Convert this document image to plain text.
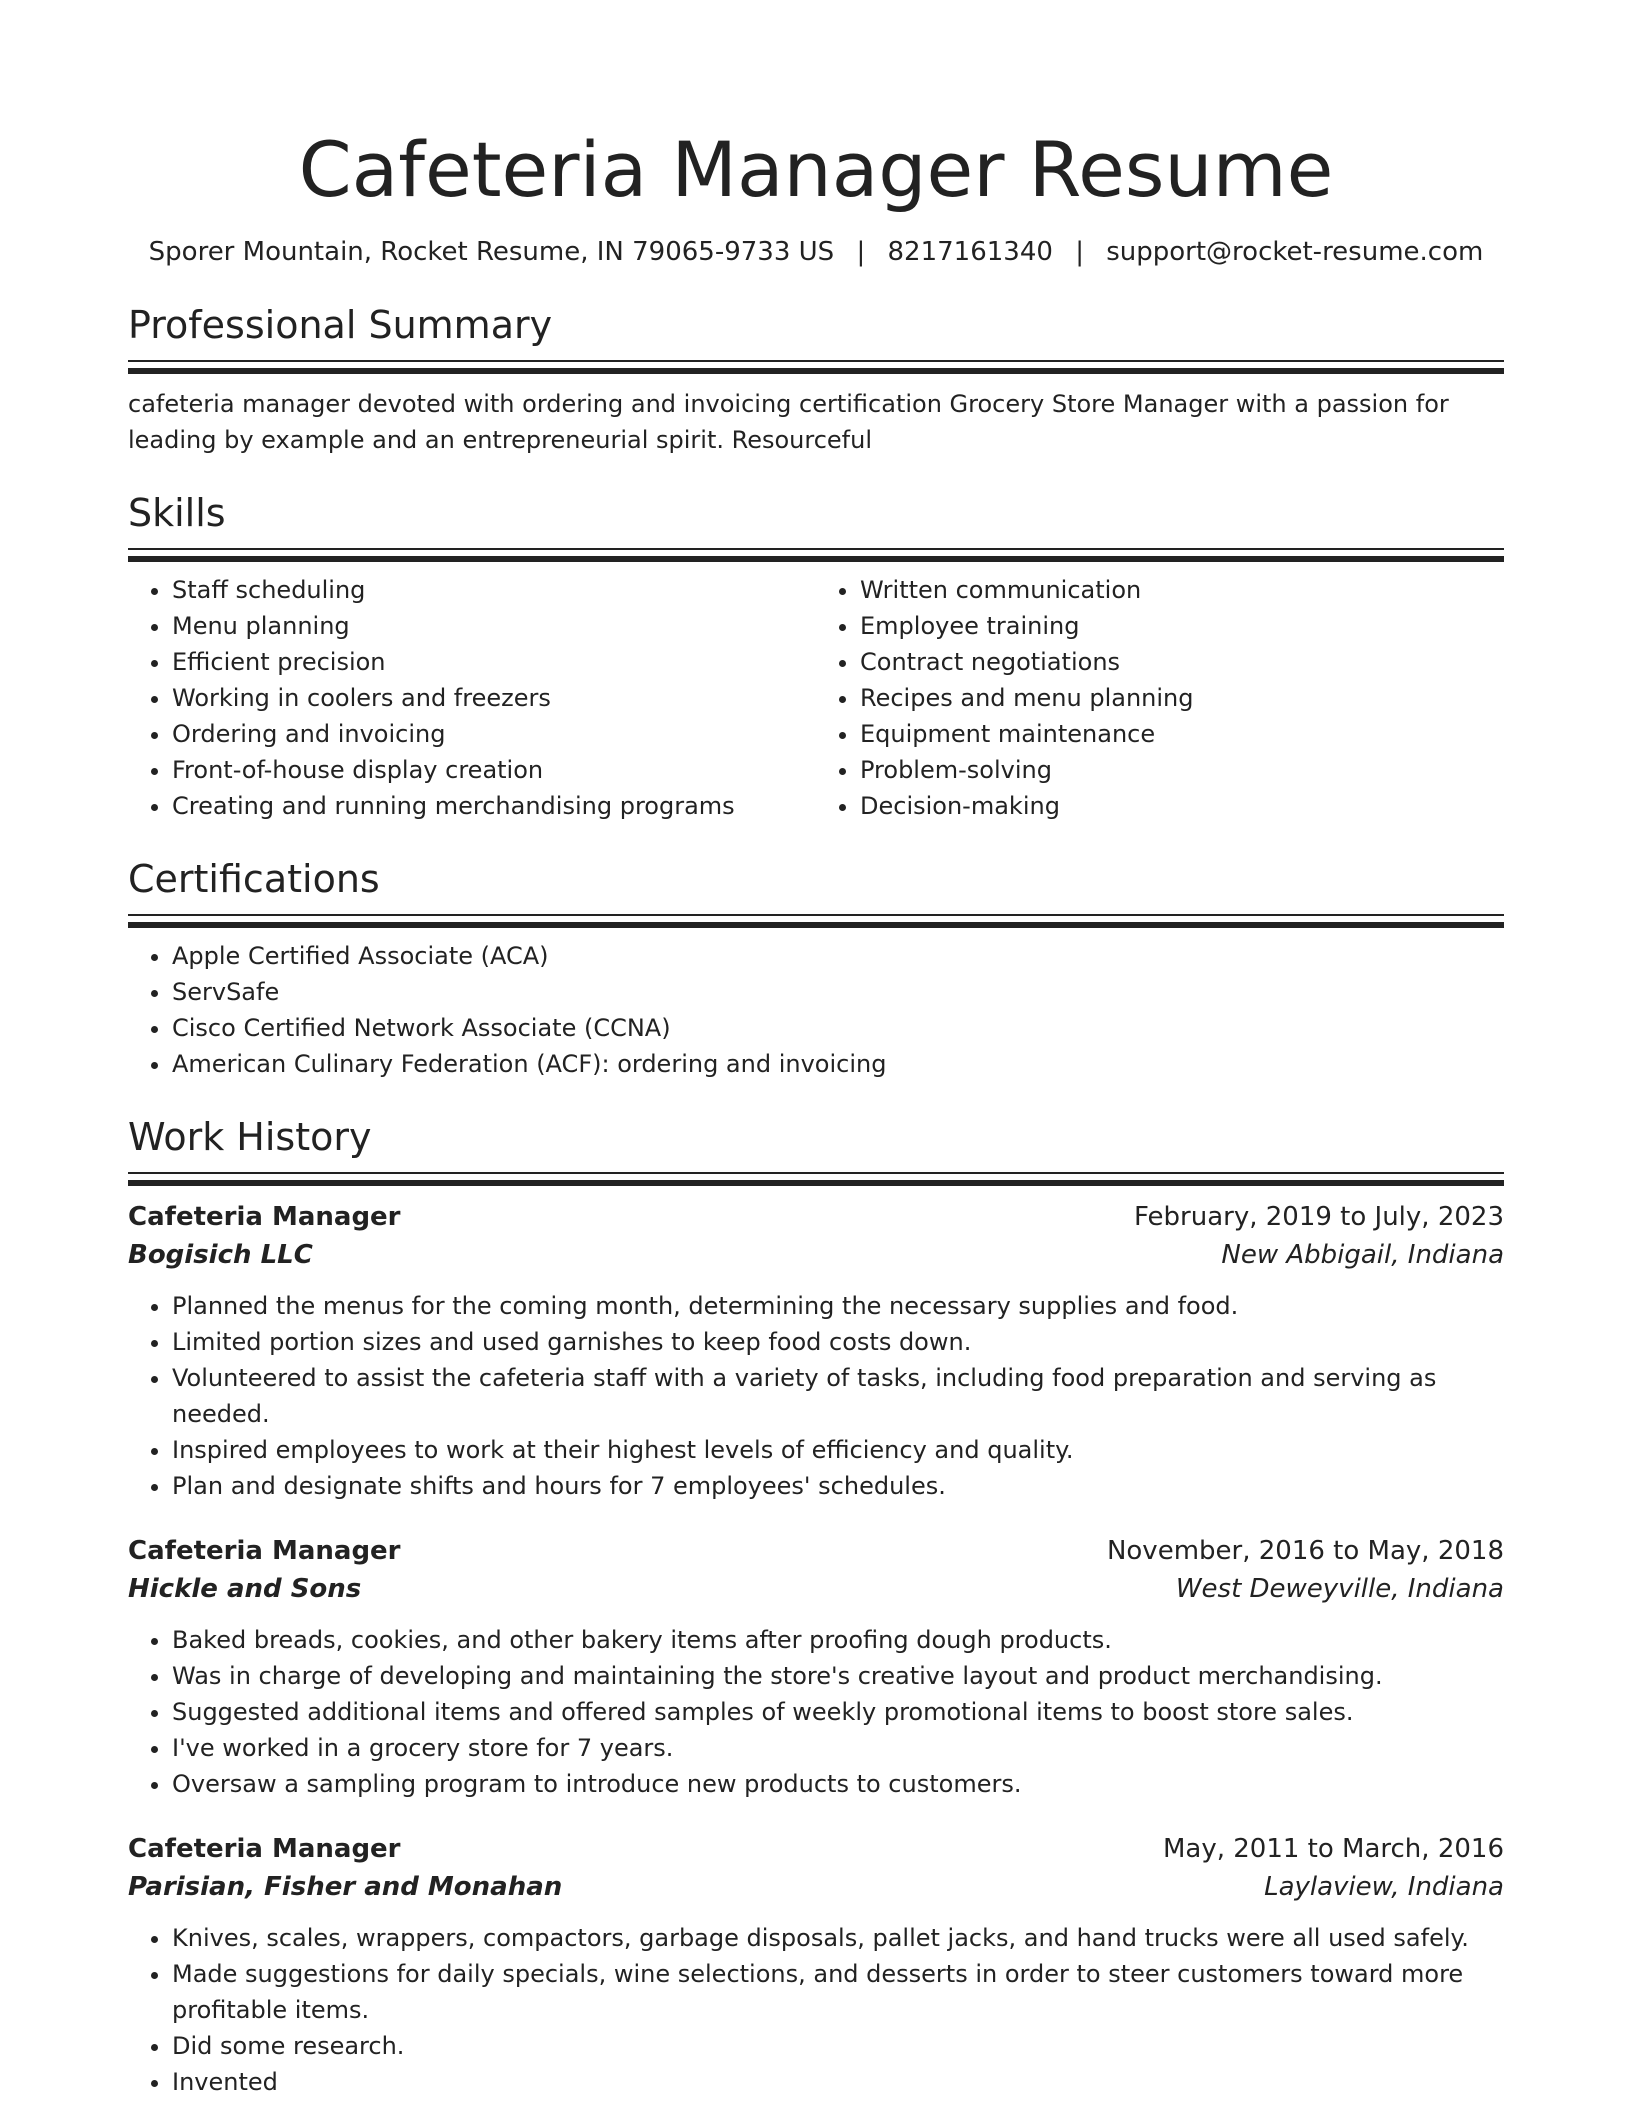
Cafeteria Manager Resume
Sporer Mountain, Rocket Resume, IN 79065-9733 US | 8217161340 | support@rocket-resume.com
Professional Summary
cafeteria manager devoted with ordering and invoicing certification Grocery Store Manager with a passion for leading by example and an entrepreneurial spirit. Resourceful
Skills
• Staff scheduling
• Menu planning
• Efficient precision
• Working in coolers and freezers
• Ordering and invoicing
• Front-of-house display creation
• Creating and running merchandising programs
• Written communication
• Employee training
• Contract negotiations
• Recipes and menu planning
• Equipment maintenance
• Problem-solving
• Decision-making
Certifications
• Apple Certified Associate (ACA)
• ServSafe
• Cisco Certified Network Associate (CCNA)
• American Culinary Federation (ACF): ordering and invoicing
Work History
Cafeteria Manager	February, 2019 to July, 2023
Bogisich LLC	New Abbigail, Indiana
• Planned the menus for the coming month, determining the necessary supplies and food.
• Limited portion sizes and used garnishes to keep food costs down.
• Volunteered to assist the cafeteria staff with a variety of tasks, including food preparation and serving as needed.
• Inspired employees to work at their highest levels of efficiency and quality.
• Plan and designate shifts and hours for 7 employees' schedules.
Cafeteria Manager	November, 2016 to May, 2018
Hickle and Sons	West Deweyville, Indiana
• Baked breads, cookies, and other bakery items after proofing dough products.
• Was in charge of developing and maintaining the store's creative layout and product merchandising.
• Suggested additional items and offered samples of weekly promotional items to boost store sales.
• I've worked in a grocery store for 7 years.
• Oversaw a sampling program to introduce new products to customers.
Cafeteria Manager	May, 2011 to March, 2016
Parisian, Fisher and Monahan	Laylaview, Indiana
• Knives, scales, wrappers, compactors, garbage disposals, pallet jacks, and hand trucks were all used safely.
• Made suggestions for daily specials, wine selections, and desserts in order to steer customers toward more profitable items.
• Did some research.
• Invented
